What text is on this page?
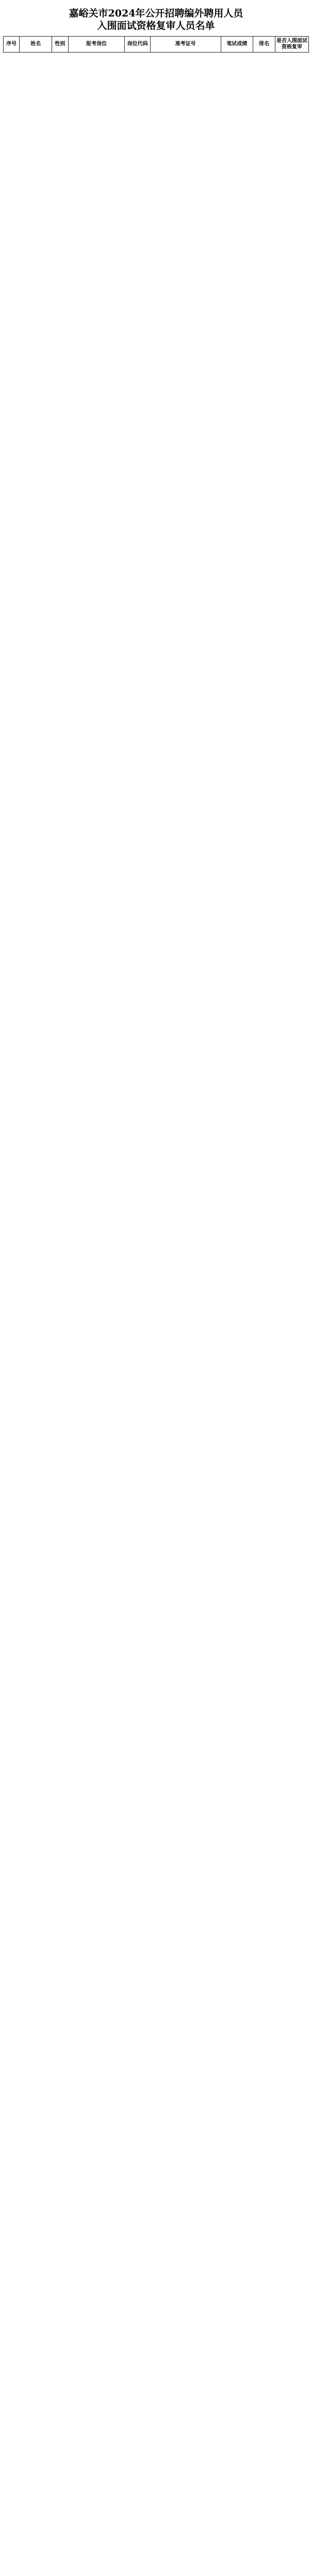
嘉峪关市2024年公开招聘编外聘用人员
入围面试资格复审人员名单
序号	姓名	性别	报考岗位	岗位代码	准考证号	笔试成绩	排名	是否入围面试资格复审
